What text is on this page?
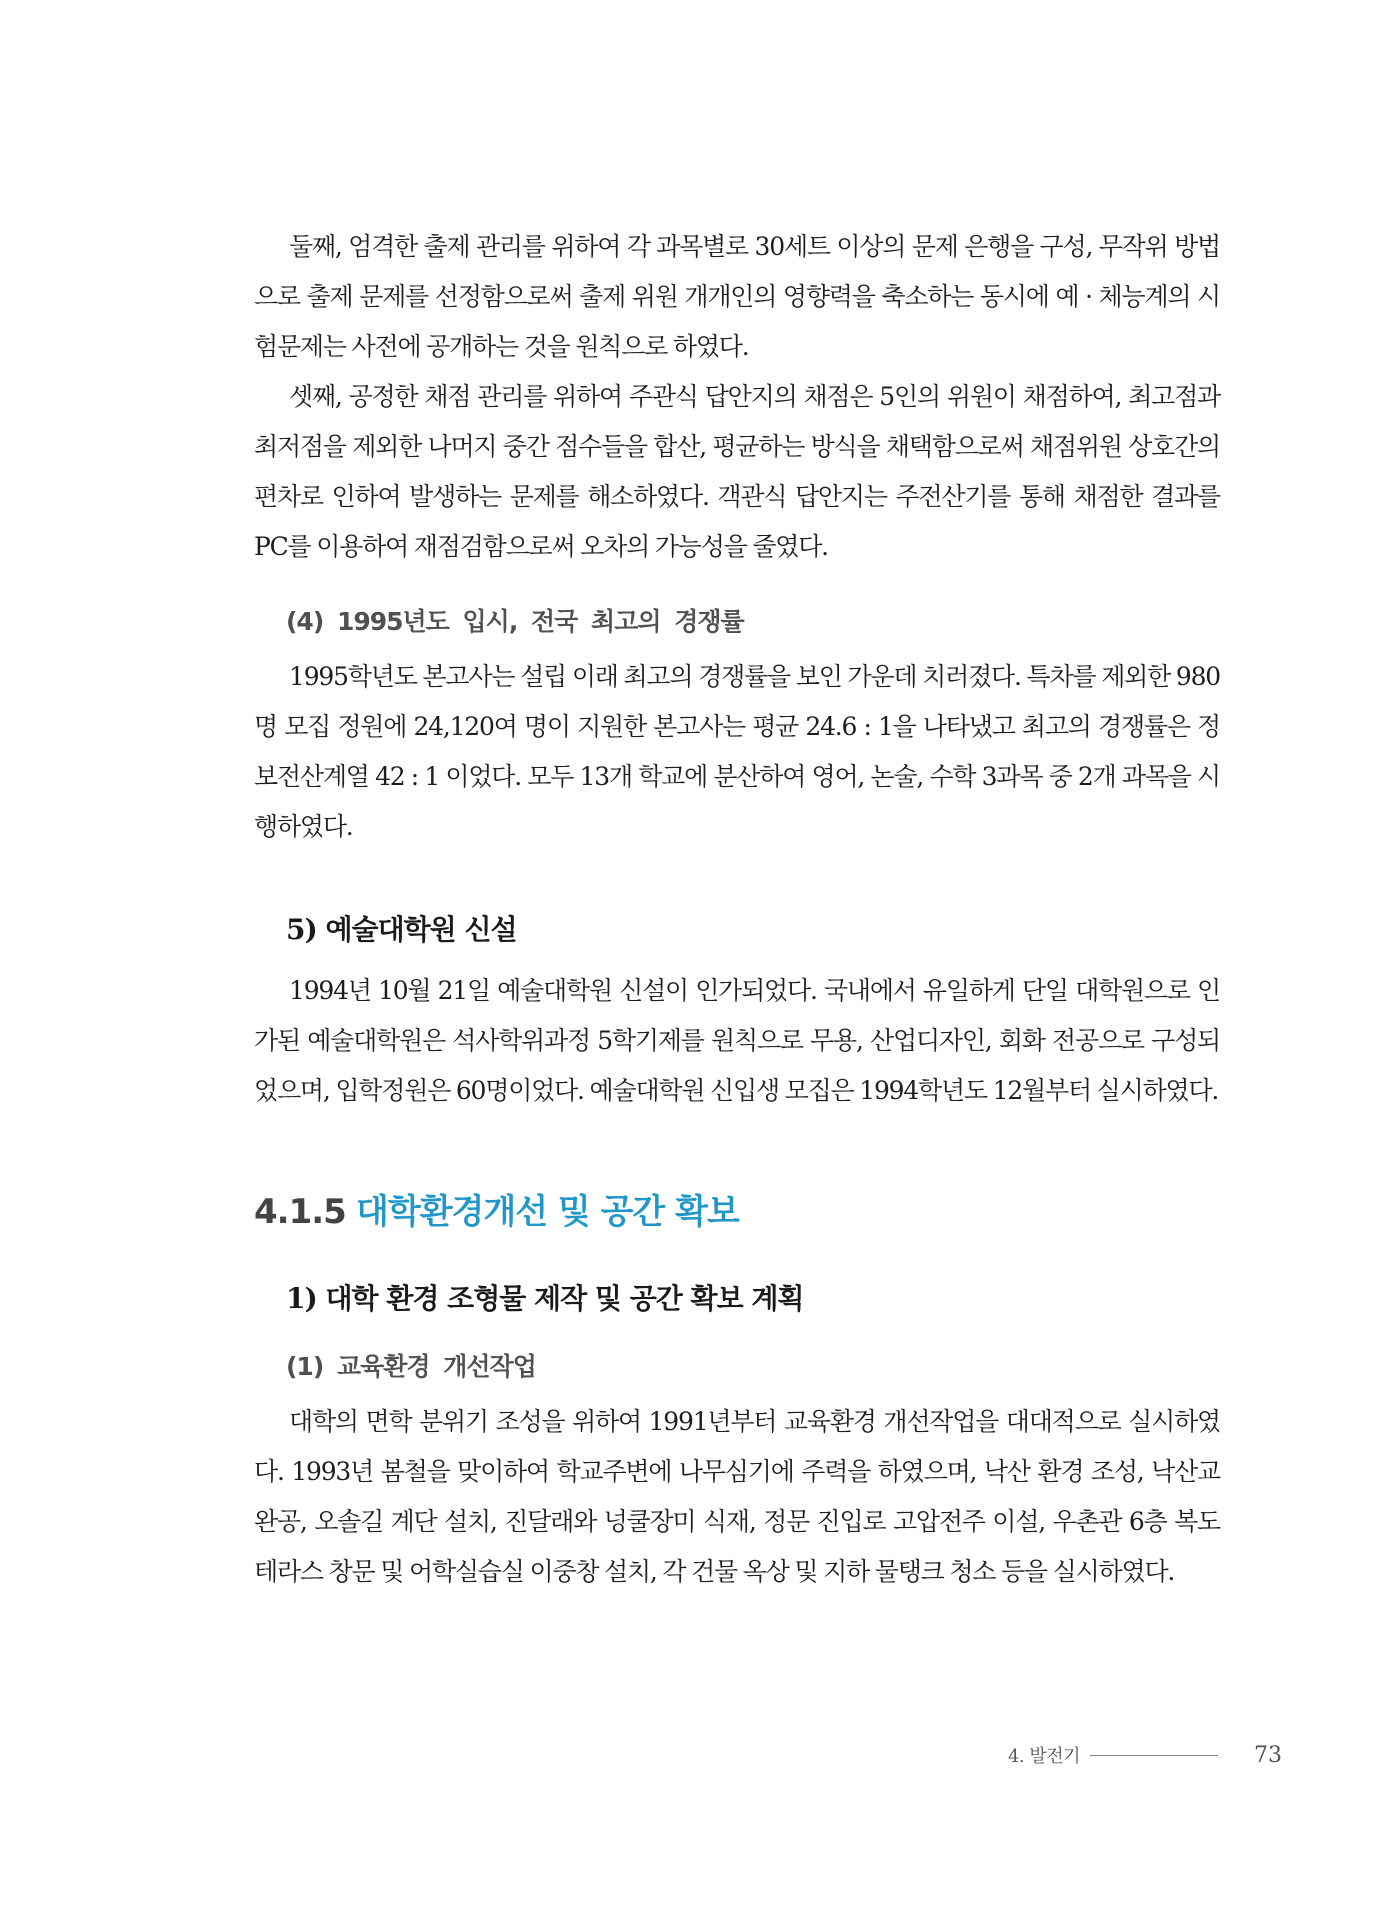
둘째, 엄격한 출제 관리를 위하여 각 과목별로 30세트 이상의 문제 은행을 구성, 무작위 방법으로 출제 문제를 선정함으로써 출제 위원 개개인의 영향력을 축소하는 동시에 예 · 체능계의 시험문제는 사전에 공개하는 것을 원칙으로 하였다.

셋째, 공정한 채점 관리를 위하여 주관식 답안지의 채점은 5인의 위원이 채점하여, 최고점과 최저점을 제외한 나머지 중간 점수들을 합산, 평균하는 방식을 채택함으로써 채점위원 상호간의 편차로 인하여 발생하는 문제를 해소하였다. 객관식 답안지는 주전산기를 통해 채점한 결과를 PC를 이용하여 재점검함으로써 오차의 가능성을 줄였다.

(4) 1995년도 입시, 전국 최고의 경쟁률

1995학년도 본고사는 설립 이래 최고의 경쟁률을 보인 가운데 치러졌다. 특차를 제외한 980명 모집 정원에 24,120여 명이 지원한 본고사는 평균 24.6 : 1을 나타냈고 최고의 경쟁률은 정보전산계열 42 : 1 이었다. 모두 13개 학교에 분산하여 영어, 논술, 수학 3과목 중 2개 과목을 시행하였다.

5) 예술대학원 신설

1994년 10월 21일 예술대학원 신설이 인가되었다. 국내에서 유일하게 단일 대학원으로 인가된 예술대학원은 석사학위과정 5학기제를 원칙으로 무용, 산업디자인, 회화 전공으로 구성되었으며, 입학정원은 60명이었다. 예술대학원 신입생 모집은 1994학년도 12월부터 실시하였다.

4.1.5 대학환경개선 및 공간 확보
1) 대학 환경 조형물 제작 및 공간 확보 계획
(1) 교육환경 개선작업

대학의 면학 분위기 조성을 위하여 1991년부터 교육환경 개선작업을 대대적으로 실시하였다. 1993년 봄철을 맞이하여 학교주변에 나무심기에 주력을 하였으며, 낙산 환경 조성, 낙산교 완공, 오솔길 계단 설치, 진달래와 넝쿨장미 식재, 정문 진입로 고압전주 이설, 우촌관 6층 복도 테라스 창문 및 어학실습실 이중창 설치, 각 건물 옥상 및 지하 물탱크 청소 등을 실시하였다.

4. 발전기	73
